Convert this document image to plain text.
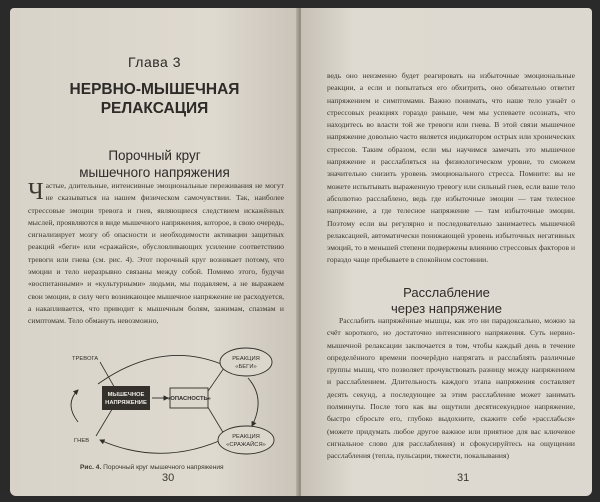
Глава 3
НЕРВНО-МЫШЕЧНАЯ
РЕЛАКСАЦИЯ
Порочный круг
мышечного напряжения
Частые, длительные, интенсивные эмоциональные переживания не могут не сказываться на нашем физическом самочувствии. Так, наиболее стрессовые эмоции тревога и гнев, являющиеся следствием искажённых мыслей, проявляются в виде мышечного напряжения, которое, в свою очередь, сигнализирует мозгу об опасности и необходимости активации защитных реакций «беги» или «сражайся», обусловливающих усиление соответствию тревоги или гнева (см. рис. 4). Этот порочный круг возникает потому, что эмоции и тело неразрывно связаны между собой. Помимо этого, будучи «воспитанными» и «культурными» людьми, мы подавляем, а не выражаем свои эмоции, в силу чего возникающее мышечное напряжение не расходуется, а накапливается, что приводит к мышечным болям, зажимам, спазмам и симптомам. Тело обмануть невозможно,
ТРЕВОГА
ГНЕВ
МЫШЕЧНОЕ
НАПРЯЖЕНИЕ
«ОПАСНОСТЬ»
РЕАКЦИЯ
«БЕГИ»
РЕАКЦИЯ
«СРАЖАЙСЯ»
Рис. 4. Порочный круг мышечного напряжения
30
ведь оно неизменно будет реагировать на избыточные эмоциональные реакции, а если и попытаться его обхитрить, оно обязательно ответит напряжением и симптомами. Важно понимать, что наше тело узнаёт о стрессовых реакциях гораздо раньше, чем мы успеваете осознать, что находитесь во власти той же тревоги или гнева. В этой связи мышечное напряжение довольно часто является индикатором острых или хронических стрессов. Таким образом, если мы научимся замечать это мышечное напряжение и расслабляться на физиологическом уровне, то сможем значительно снизить уровень эмоционального стресса. Помните: вы не можете испытывать выраженную тревогу или сильный гнев, если ваше тело абсолютно расслаблено, ведь где избыточные эмоции — там телесное напряжение, а где телесное напряжение — там избыточные эмоции. Поэтому если вы регулярно и последовательно занимаетесь мышечной релаксацией, автоматически понижающей уровень избыточных негативных эмоций, то в меньшей степени подвержены влиянию стрессовых факторов и гораздо чаще пребываете в спокойном состоянии.
Расслабление
через напряжение
Расслабить напряжённые мышцы, как это ни парадоксально, можно за счёт короткого, но достаточно интенсивного напряжения. Суть нервно-мышечной релаксации заключается в том, чтобы каждый день в течение определённого времени поочерёдно напрягать и расслаблять различные группы мышц, что позволяет прочувствовать разницу между напряжением и расслаблением. Длительность каждого этапа напряжения составляет десять секунд, а последующее за этим расслабление может занимать полминуты. После того как вы ощутили десятисекундное напряжение, быстро сбросьте его, глубоко выдохните, скажите себе «расслабься» (можете придумать любое другое важное или приятное для вас ключевое сигнальное слово для расслабления) и сфокусируйтесь на ощущении расслабления (тепла, пульсации, тяжести, покалывания)
31
